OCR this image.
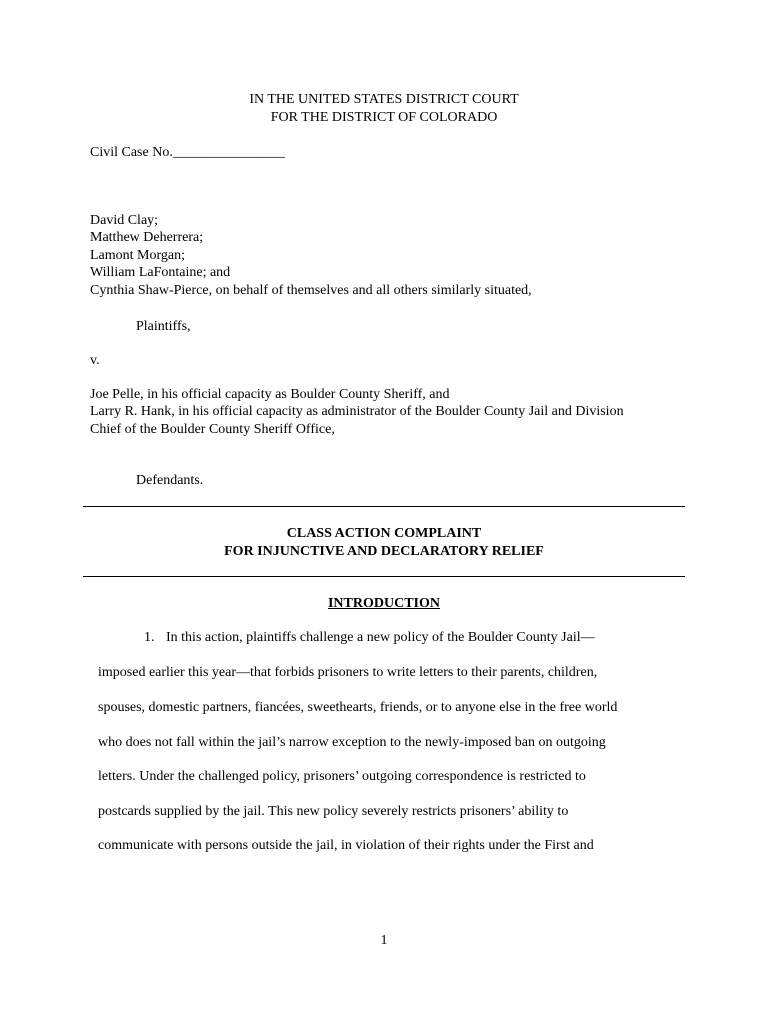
IN THE UNITED STATES DISTRICT COURT
FOR THE DISTRICT OF COLORADO
Civil Case No.________________
David Clay;
Matthew Deherrera;
Lamont Morgan;
William LaFontaine; and
Cynthia Shaw-Pierce, on behalf of themselves and all others similarly situated,
Plaintiffs,
v.
Joe Pelle, in his official capacity as Boulder County Sheriff, and
Larry R. Hank, in his official capacity as administrator of the Boulder County Jail and Division
Chief of the Boulder County Sheriff Office,
Defendants.
CLASS ACTION COMPLAINT
FOR INJUNCTIVE AND DECLARATORY RELIEF
INTRODUCTION
1. In this action, plaintiffs challenge a new policy of the Boulder County Jail—
imposed earlier this year—that forbids prisoners to write letters to their parents, children,
spouses, domestic partners, fiancées, sweethearts, friends, or to anyone else in the free world
who does not fall within the jail’s narrow exception to the newly-imposed ban on outgoing
letters. Under the challenged policy, prisoners’ outgoing correspondence is restricted to
postcards supplied by the jail. This new policy severely restricts prisoners’ ability to
communicate with persons outside the jail, in violation of their rights under the First and
1
